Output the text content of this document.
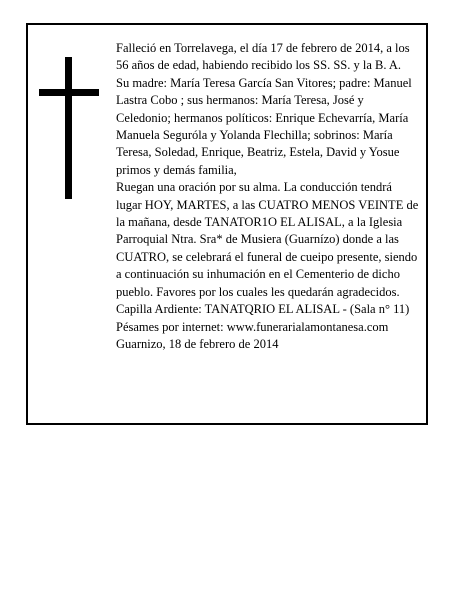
Falleció en Torrelavega, el día 17 de febrero de 2014, a los 56 años de edad, habiendo recibido los SS. SS. y la B. A.

Su madre: María Teresa García San Vitores; padre: Manuel Lastra Cobo ; sus hermanos: María Teresa, José y Celedonio; hermanos políticos: Enrique Echevarría, María Manuela Seguróla y Yolanda Flechilla; sobrinos: María Teresa, Soledad, Enrique, Beatriz, Estela, David y Yosue primos y demás familia,

Ruegan una oración por su alma. La conducción tendrá lugar HOY, MARTES, a las CUATRO MENOS VEINTE de la mañana, desde TANATOR1O EL ALISAL, a la Iglesia Parroquial Ntra. Sra* de Musiera (Guarnízo) donde a las CUATRO, se celebrará el funeral de cueipo presente, siendo a continuación su inhumación en el Cementerio de dicho pueblo. Favores por los cuales les quedarán agradecidos. Capilla Ardiente: TANATQRIO EL ALISAL - (Sala n° 11)

Pésames por internet: www.funerarialamontanesa.com

Guarnizo, 18 de febrero de 2014
